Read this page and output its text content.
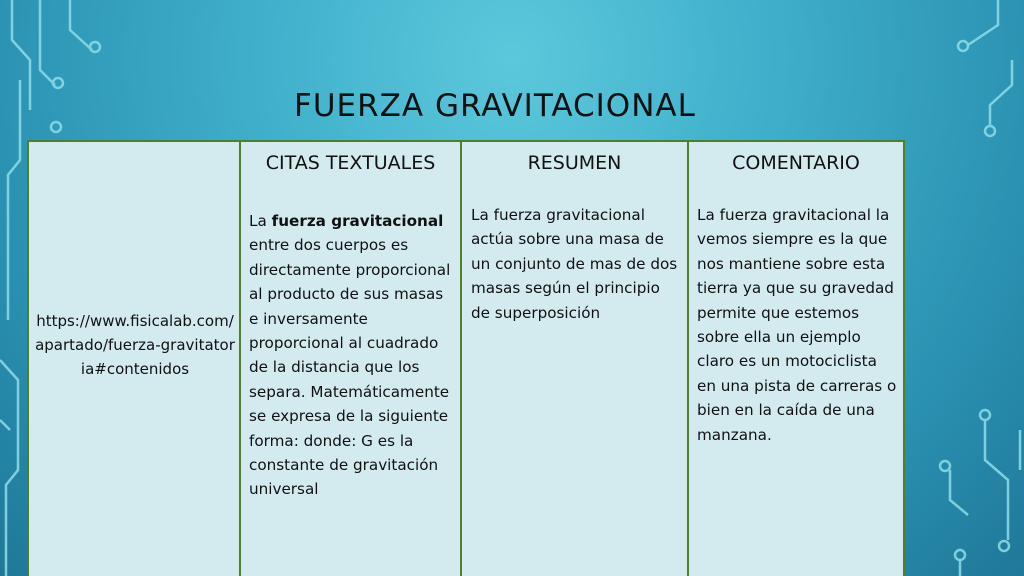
FUERZA GRAVITACIONAL
https://www.fisicalab.com/apartado/fuerza-gravitatoria#contenidos
CITAS TEXTUALES
La fuerza gravitacional entre dos cuerpos es directamente proporcional al producto de sus masas e inversamente proporcional al cuadrado de la distancia que los separa. Matemáticamente se expresa de la siguiente forma: donde: G es la constante de gravitación universal
RESUMEN
La fuerza gravitacional actúa sobre una masa de un conjunto de mas de dos masas según el principio de superposición
COMENTARIO
La fuerza gravitacional la vemos siempre es la que nos mantiene sobre esta tierra ya que su gravedad permite que estemos sobre ella un ejemplo claro es un motociclista en una pista de carreras o bien en la caída de una manzana.
